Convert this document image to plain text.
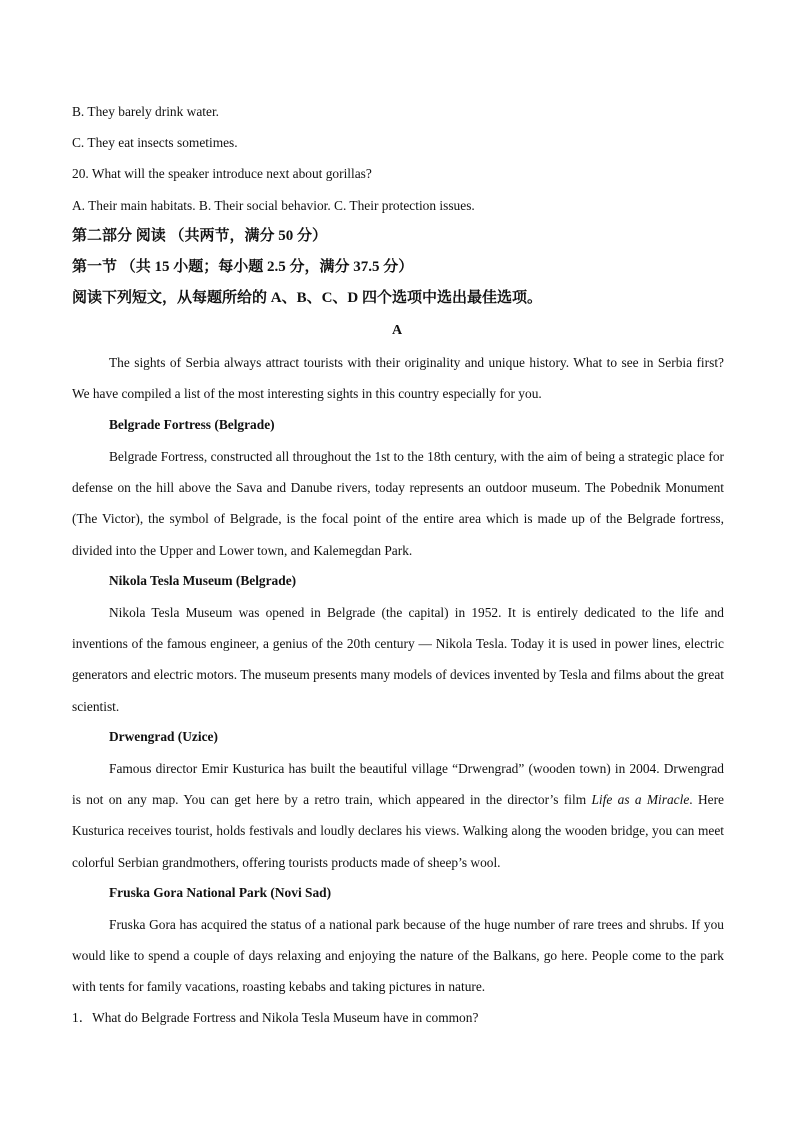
B. They barely drink water.
C. They eat insects sometimes.
20. What will the speaker introduce next about gorillas?
A. Their main habitats. B. Their social behavior. C. Their protection issues.
第二部分 阅读 （共两节，满分 50 分）
第一节 （共 15 小题；每小题 2.5 分，满分 37.5 分）
阅读下列短文，从每题所给的 A、B、C、D 四个选项中选出最佳选项。
A
The sights of Serbia always attract tourists with their originality and unique history. What to see in Serbia first? We have compiled a list of the most interesting sights in this country especially for you.
Belgrade Fortress (Belgrade)
Belgrade Fortress, constructed all throughout the 1st to the 18th century, with the aim of being a strategic place for defense on the hill above the Sava and Danube rivers, today represents an outdoor museum. The Pobednik Monument (The Victor), the symbol of Belgrade, is the focal point of the entire area which is made up of the Belgrade fortress, divided into the Upper and Lower town, and Kalemegdan Park.
Nikola Tesla Museum (Belgrade)
Nikola Tesla Museum was opened in Belgrade (the capital) in 1952. It is entirely dedicated to the life and inventions of the famous engineer, a genius of the 20th century — Nikola Tesla. Today it is used in power lines, electric generators and electric motors. The museum presents many models of devices invented by Tesla and films about the great scientist.
Drwengrad (Uzice)
Famous director Emir Kusturica has built the beautiful village “Drwengrad” (wooden town) in 2004. Drwengrad is not on any map. You can get here by a retro train, which appeared in the director’s film Life as a Miracle. Here Kusturica receives tourist, holds festivals and loudly declares his views. Walking along the wooden bridge, you can meet colorful Serbian grandmothers, offering tourists products made of sheep’s wool.
Fruska Gora National Park (Novi Sad)
Fruska Gora has acquired the status of a national park because of the huge number of rare trees and shrubs. If you would like to spend a couple of days relaxing and enjoying the nature of the Balkans, go here. People come to the park with tents for family vacations, roasting kebabs and taking pictures in nature.
1．What do Belgrade Fortress and Nikola Tesla Museum have in common?
